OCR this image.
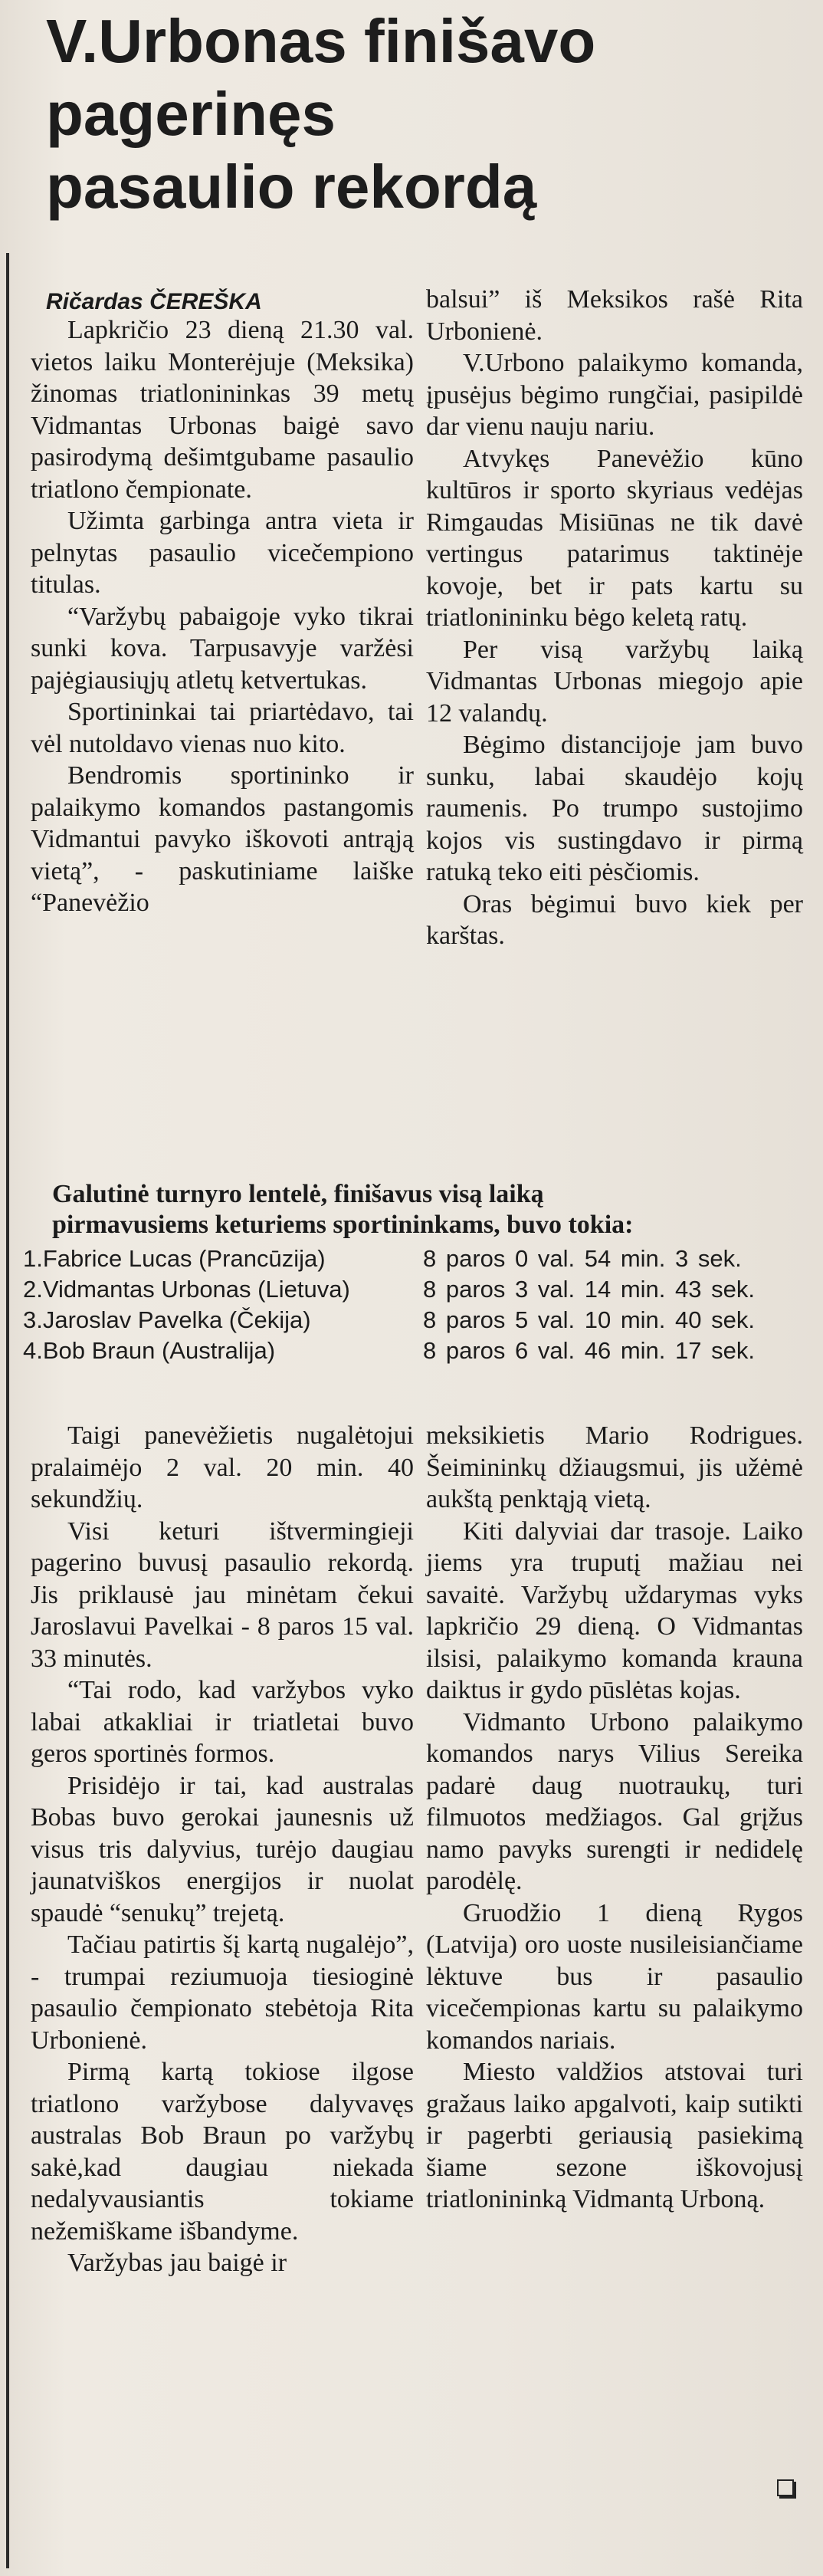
V.Urbonas finišavo
pagerinęs
pasaulio rekordą
Ričardas ČEREŠKA

Lapkričio 23 dieną 21.30 val. vietos laiku Monterėjuje (Meksika) žinomas triatlonininkas 39 metų Vidmantas Urbonas baigė savo pasirodymą dešimtgubame pasaulio triatlono čempionate.

Užimta garbinga antra vieta ir pelnytas pasaulio vicečempiono titulas.

“Varžybų pabaigoje vyko tikrai sunki kova. Tarpusavyje varžėsi pajėgiausiųjų atletų ketvertukas.

Sportininkai tai priartėdavo, tai vėl nutoldavo vienas nuo kito.

Bendromis sportininko ir palaikymo komandos pastangomis Vidmantui pavyko iškovoti antrąją vietą”, - paskutiniame laiške “Panevėžio

balsui” iš Meksikos rašė Rita Urbonienė.

V.Urbono palaikymo komanda, įpusėjus bėgimo rungčiai, pasipildė dar vienu nauju nariu.

Atvykęs Panevėžio kūno kultūros ir sporto skyriaus vedėjas Rimgaudas Misiūnas ne tik davė vertingus patarimus taktinėje kovoje, bet ir pats kartu su triatlonininku bėgo keletą ratų.

Per visą varžybų laiką Vidmantas Urbonas miegojo apie 12 valandų.

Bėgimo distancijoje jam buvo sunku, labai skaudėjo kojų raumenis. Po trumpo sustojimo kojos vis sustingdavo ir pirmą ratuką teko eiti pėsčiomis.

Oras bėgimui buvo kiek per karštas.

Galutinė turnyro lentelė, finišavus visą laiką
pirmavusiems keturiems sportininkams, buvo tokia:
1.Fabrice Lucas (Prancūzija)	8 paros 0 val. 54 min. 3 sek.
2.Vidmantas Urbonas (Lietuva)	8 paros 3 val. 14 min. 43 sek.
3.Jaroslav Pavelka (Čekija)	8 paros 5 val. 10 min. 40 sek.
4.Bob Braun (Australija)	8 paros 6 val. 46 min. 17 sek.

Taigi panevėžietis nugalėtojui pralaimėjo 2 val. 20 min. 40 sekundžių.

Visi keturi ištvermingieji pagerino buvusį pasaulio rekordą. Jis priklausė jau minėtam čekui Jaroslavui Pavelkai - 8 paros 15 val. 33 minutės.

“Tai rodo, kad varžybos vyko labai atkakliai ir triatletai buvo geros sportinės formos.

Prisidėjo ir tai, kad australas Bobas buvo gerokai jaunesnis už visus tris dalyvius, turėjo daugiau jaunatviškos energijos ir nuolat spaudė “senukų” trejetą.

Tačiau patirtis šį kartą nugalėjo”, - trumpai reziumuoja tiesioginė pasaulio čempionato stebėtoja Rita Urbonienė.

Pirmą kartą tokiose ilgose triatlono varžybose dalyvavęs australas Bob Braun po varžybų sakė,kad daugiau niekada nedalyvausiantis tokiame nežemiškame išbandyme.

Varžybas jau baigė ir

meksikietis Mario Rodrigues. Šeimininkų džiaugsmui, jis užėmė aukštą penktąją vietą.

Kiti dalyviai dar trasoje. Laiko jiems yra truputį mažiau nei savaitė. Varžybų uždarymas vyks lapkričio 29 dieną. O Vidmantas ilsisi, palaikymo komanda krauna daiktus ir gydo pūslėtas kojas.

Vidmanto Urbono palaikymo komandos narys Vilius Sereika padarė daug nuotraukų, turi filmuotos medžiagos. Gal grįžus namo pavyks surengti ir nedidelę parodėlę.

Gruodžio 1 dieną Rygos (Latvija) oro uoste nusileisiančiame lėktuve bus ir pasaulio vicečempionas kartu su palaikymo komandos nariais.

Miesto valdžios atstovai turi gražaus laiko apgalvoti, kaip sutikti ir pagerbti geriausią pasiekimą šiame sezone iškovojusį triatlonininką Vidmantą Urboną.
